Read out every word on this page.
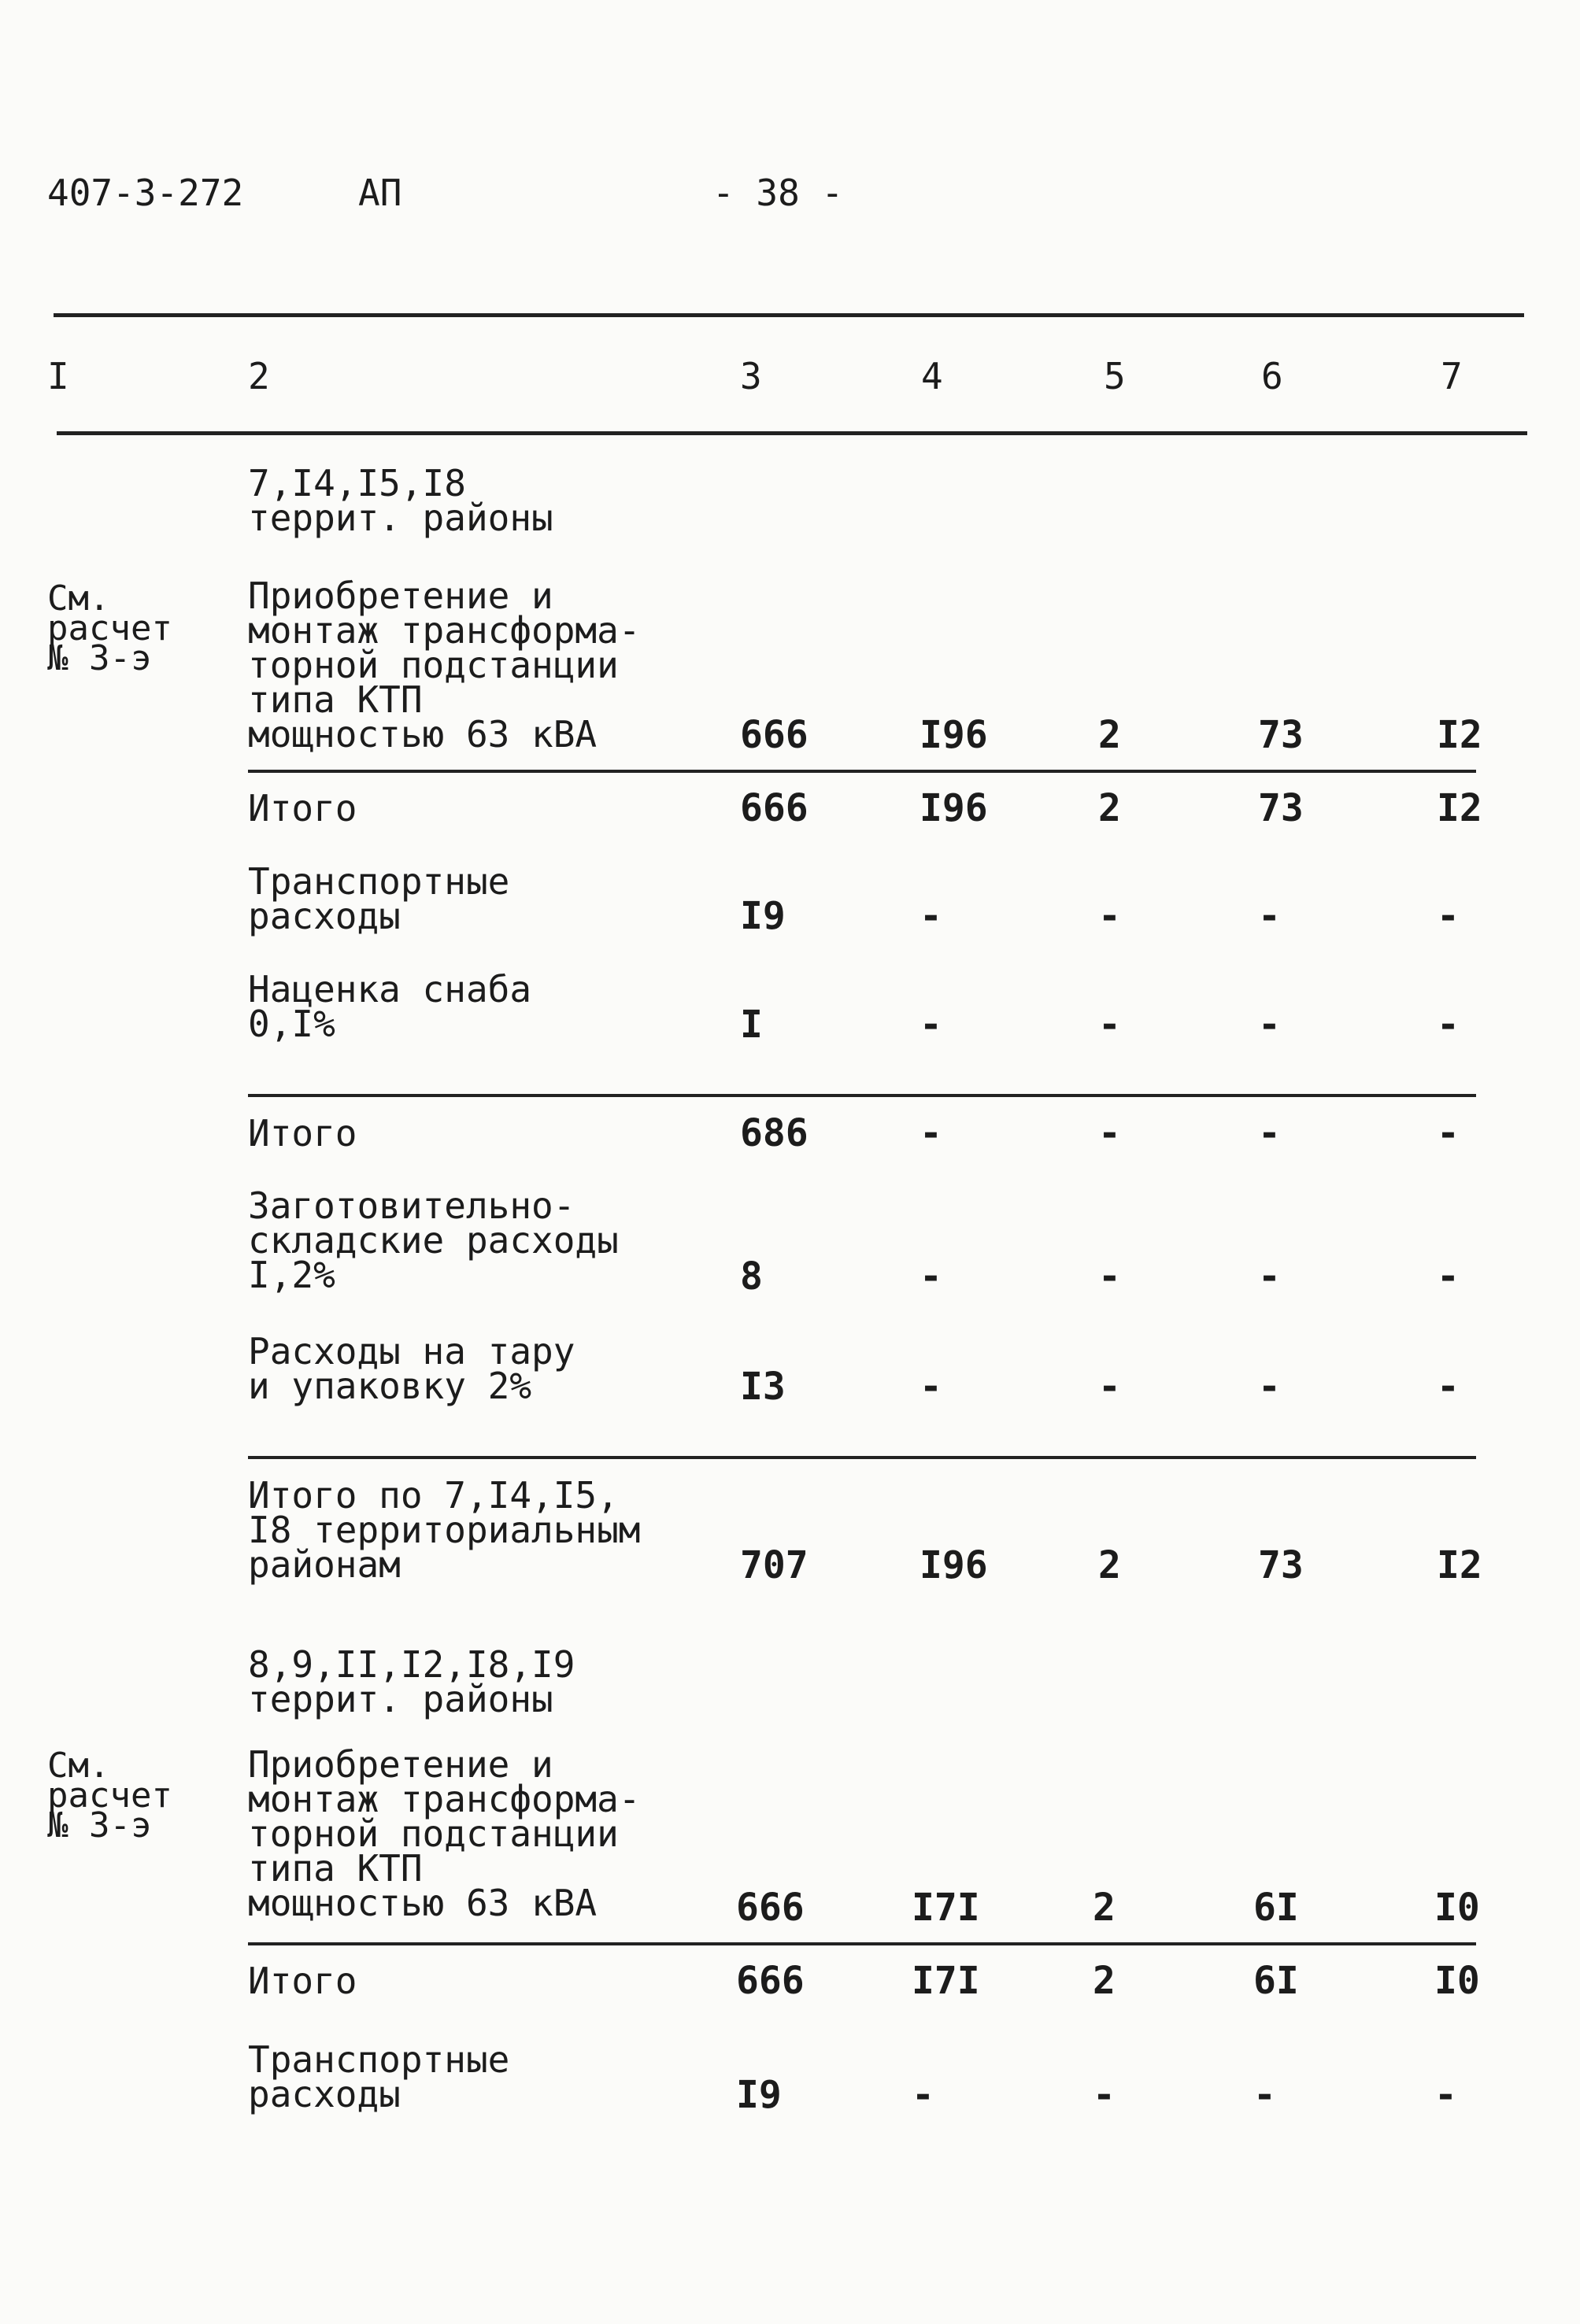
407-3-272	АП	- 38 -
I	2	3	4	5	6	7
7,I4,I5,I8
террит. районы
См.
расчет
№ 3-э
Приобретение и
монтаж трансформа-
торной подстанции
типа КТП
мощностью 63 кВА	666	I96	2	73	I2
Итого	666	I96	2	73	I2
Транспортные
расходы	I9	-	-	-	-
Наценка снаба
0,I%	I	-	-	-	-
Итого	686	-	-	-	-
Заготовительно-
складские расходы
I,2%	8	-	-	-	-
Расходы на тару
и упаковку 2%	I3	-	-	-	-
Итого по 7,I4,I5,
I8 территориальным
районам	707	I96	2	73	I2
8,9,II,I2,I8,I9
террит. районы
См.
расчет
№ 3-э
Приобретение и
монтаж трансформа-
торной подстанции
типа КТП
мощностью 63 кВА	666	I7I	2	6I	I0
Итого	666	I7I	2	6I	I0
Транспортные
расходы	I9	-	-	-	-
